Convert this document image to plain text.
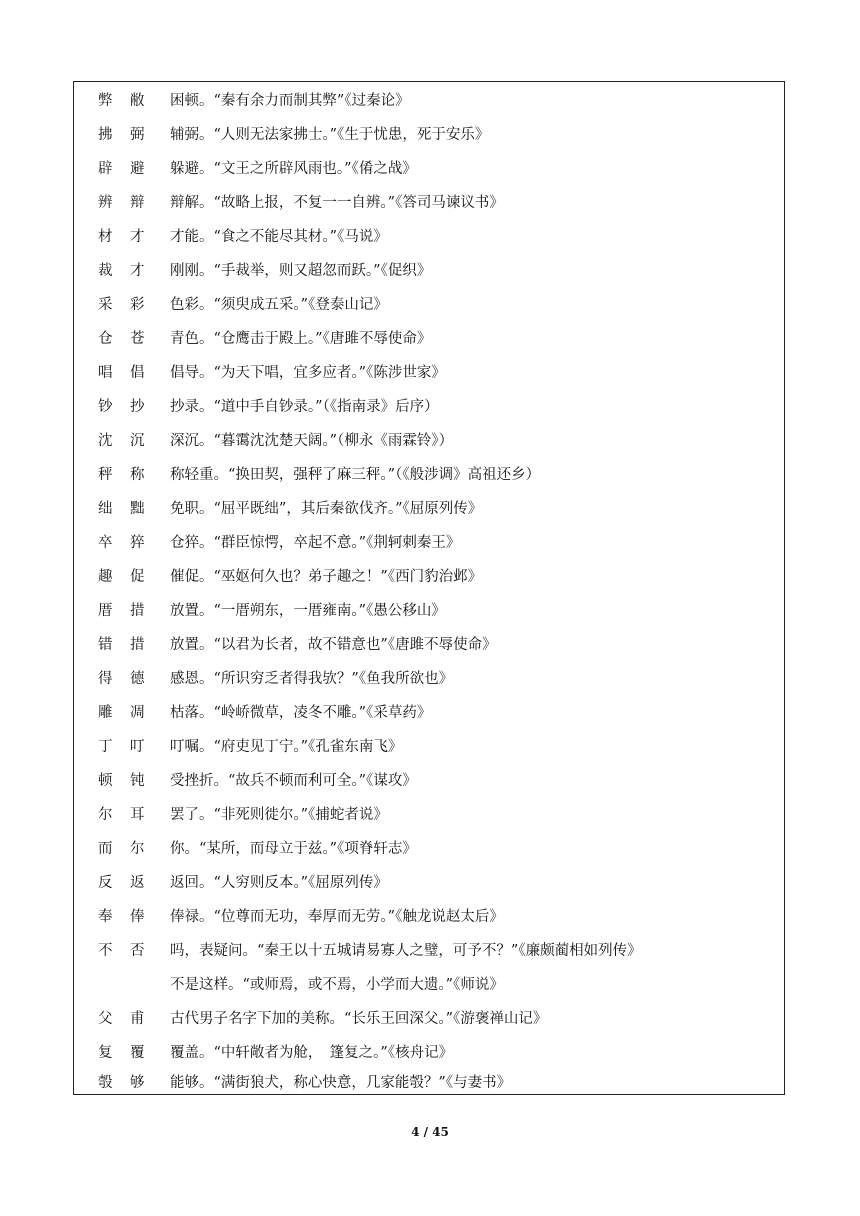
弊 敝 困顿。“秦有余力而制其弊”《过秦论》
拂 弼 辅弼。“人则无法家拂士。”《生于忧患，死于安乐》
辟 避 躲避。“文王之所辟风雨也。”《倄之战》
辨 辩 辩解。“故略上报，不复一一自辨。”《答司马谏议书》
材 才 才能。“食之不能尽其材。”《马说》
裁 才 刚刚。“手裁举，则又超忽而跃。”《促织》
采 彩 色彩。“须臾成五采。”《登泰山记》
仓 苍 青色。“仓鹰击于殿上。”《唐雎不辱使命》
唱 倡 倡导。“为天下唱，宜多应者。”《陈涉世家》
钞 抄 抄录。“道中手自钞录。”（《指南录》后序）
沈 沉 深沉。“暮霭沈沈楚天阔。”（柳永《雨霖铃》）
秤 称 称轻重。“换田契，强秤了麻三秤。”（《般涉调》高祖还乡）
绌 黜 免职。“屈平既绌”，其后秦欲伐齐。”《屈原列传》
卒 猝 仓猝。“群臣惊愕，卒起不意。”《荆轲刺秦王》
趣 促 催促。“巫妪何久也？弟子趣之！”《西门豹治邺》
厝 措 放置。“一厝朔东，一厝雍南。”《愚公移山》
错 措 放置。“以君为长者，故不错意也”《唐雎不辱使命》
得 德 感恩。“所识穷乏者得我欤？”《鱼我所欲也》
雕 凋 枯落。“岭峤微草，凌冬不雕。”《采草药》
丁 叮 叮嘱。“府吏见丁宁。”《孔雀东南飞》
顿 钝 受挫折。“故兵不顿而利可全。”《谋攻》
尔 耳 罢了。“非死则徙尔。”《捕蛇者说》
而 尔 你。“某所，而母立于兹。”《项脊轩志》
反 返 返回。“人穷则反本。”《屈原列传》
奉 俸 俸禄。“位尊而无功，奉厚而无劳。”《触龙说赵太后》
不 否 吗，表疑问。“秦王以十五城请易寡人之璧，可予不？”《廉颇蔺相如列传》
不是这样。“或师焉，或不焉，小学而大遗。”《师说》
父 甫 古代男子名字下加的美称。“长乐王回深父。”《游褒禅山记》
复 覆 覆盖。“中轩敞者为舱，　篷复之。”《核舟记》
彀 够 能够。“满街狼犬，称心快意，几家能彀？”《与妻书》
4 / 45
